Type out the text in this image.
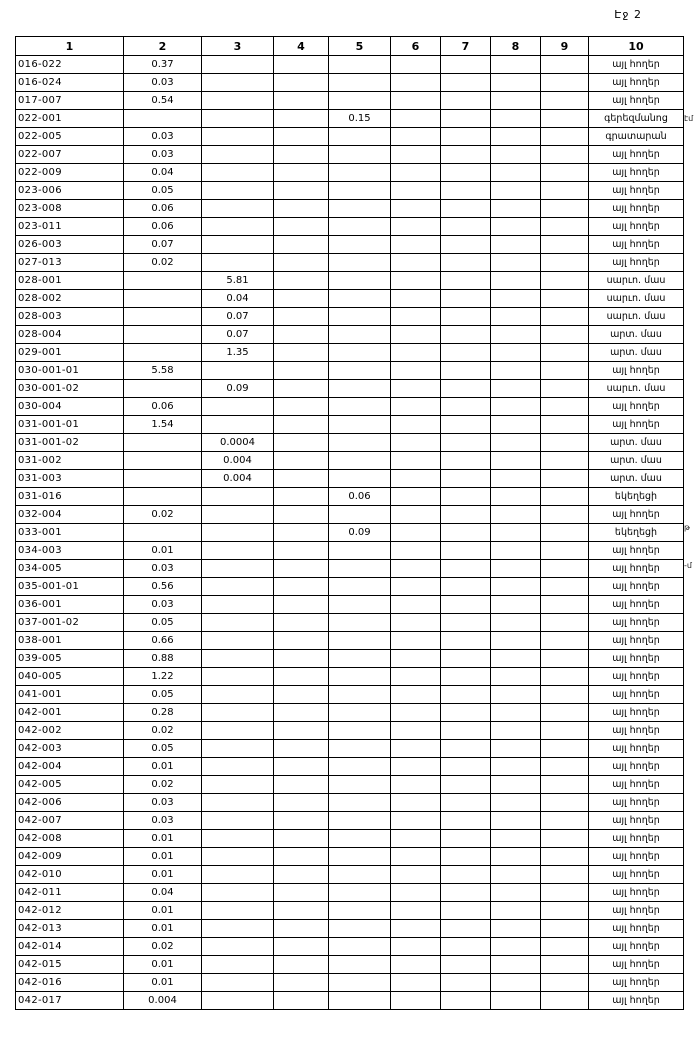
Էջ 2
1	2	3	4	5	6	7	8	9	10
016-022	0.37								այլ հողեր
016-024	0.03								այլ հողեր
017-007	0.54								այլ հողեր
022-001				0.15					գերեզմանոց
022-005	0.03								գրատարան
022-007	0.03								այլ հողեր
022-009	0.04								այլ հողեր
023-006	0.05								այլ հողեր
023-008	0.06								այլ հողեր
023-011	0.06								այլ հողեր
026-003	0.07								այլ հողեր
027-013	0.02								այլ հողեր
028-001		5.81							սարւո. մաս
028-002		0.04							սարւո. մաս
028-003		0.07							սարւո. մաս
028-004		0.07							արտ. մաս
029-001		1.35							արտ. մաս
030-001-01	5.58								այլ հողեր
030-001-02		0.09							սարւո. մաս
030-004	0.06								այլ հողեր
031-001-01	1.54								այլ հողեր
031-001-02		0.0004							արտ. մաս
031-002		0.004							արտ. մաս
031-003		0.004							արտ. մաս
031-016				0.06					եկեղեցի
032-004	0.02								այլ հողեր
033-001				0.09					եկեղեցի
034-003	0.01								այլ հողեր
034-005	0.03								այլ հողեր
035-001-01	0.56								այլ հողեր
036-001	0.03								այլ հողեր
037-001-02	0.05								այլ հողեր
038-001	0.66								այլ հողեր
039-005	0.88								այլ հողեր
040-005	1.22								այլ հողեր
041-001	0.05								այլ հողեր
042-001	0.28								այլ հողեր
042-002	0.02								այլ հողեր
042-003	0.05								այլ հողեր
042-004	0.01								այլ հողեր
042-005	0.02								այլ հողեր
042-006	0.03								այլ հողեր
042-007	0.03								այլ հողեր
042-008	0.01								այլ հողեր
042-009	0.01								այլ հողեր
042-010	0.01								այլ հողեր
042-011	0.04								այլ հողեր
042-012	0.01								այլ հողեր
042-013	0.01								այլ հողեր
042-014	0.02								այլ հողեր
042-015	0.01								այլ հողեր
042-016	0.01								այլ հողեր
042-017	0.004								այլ հողեր
էմ
թ
-մ
